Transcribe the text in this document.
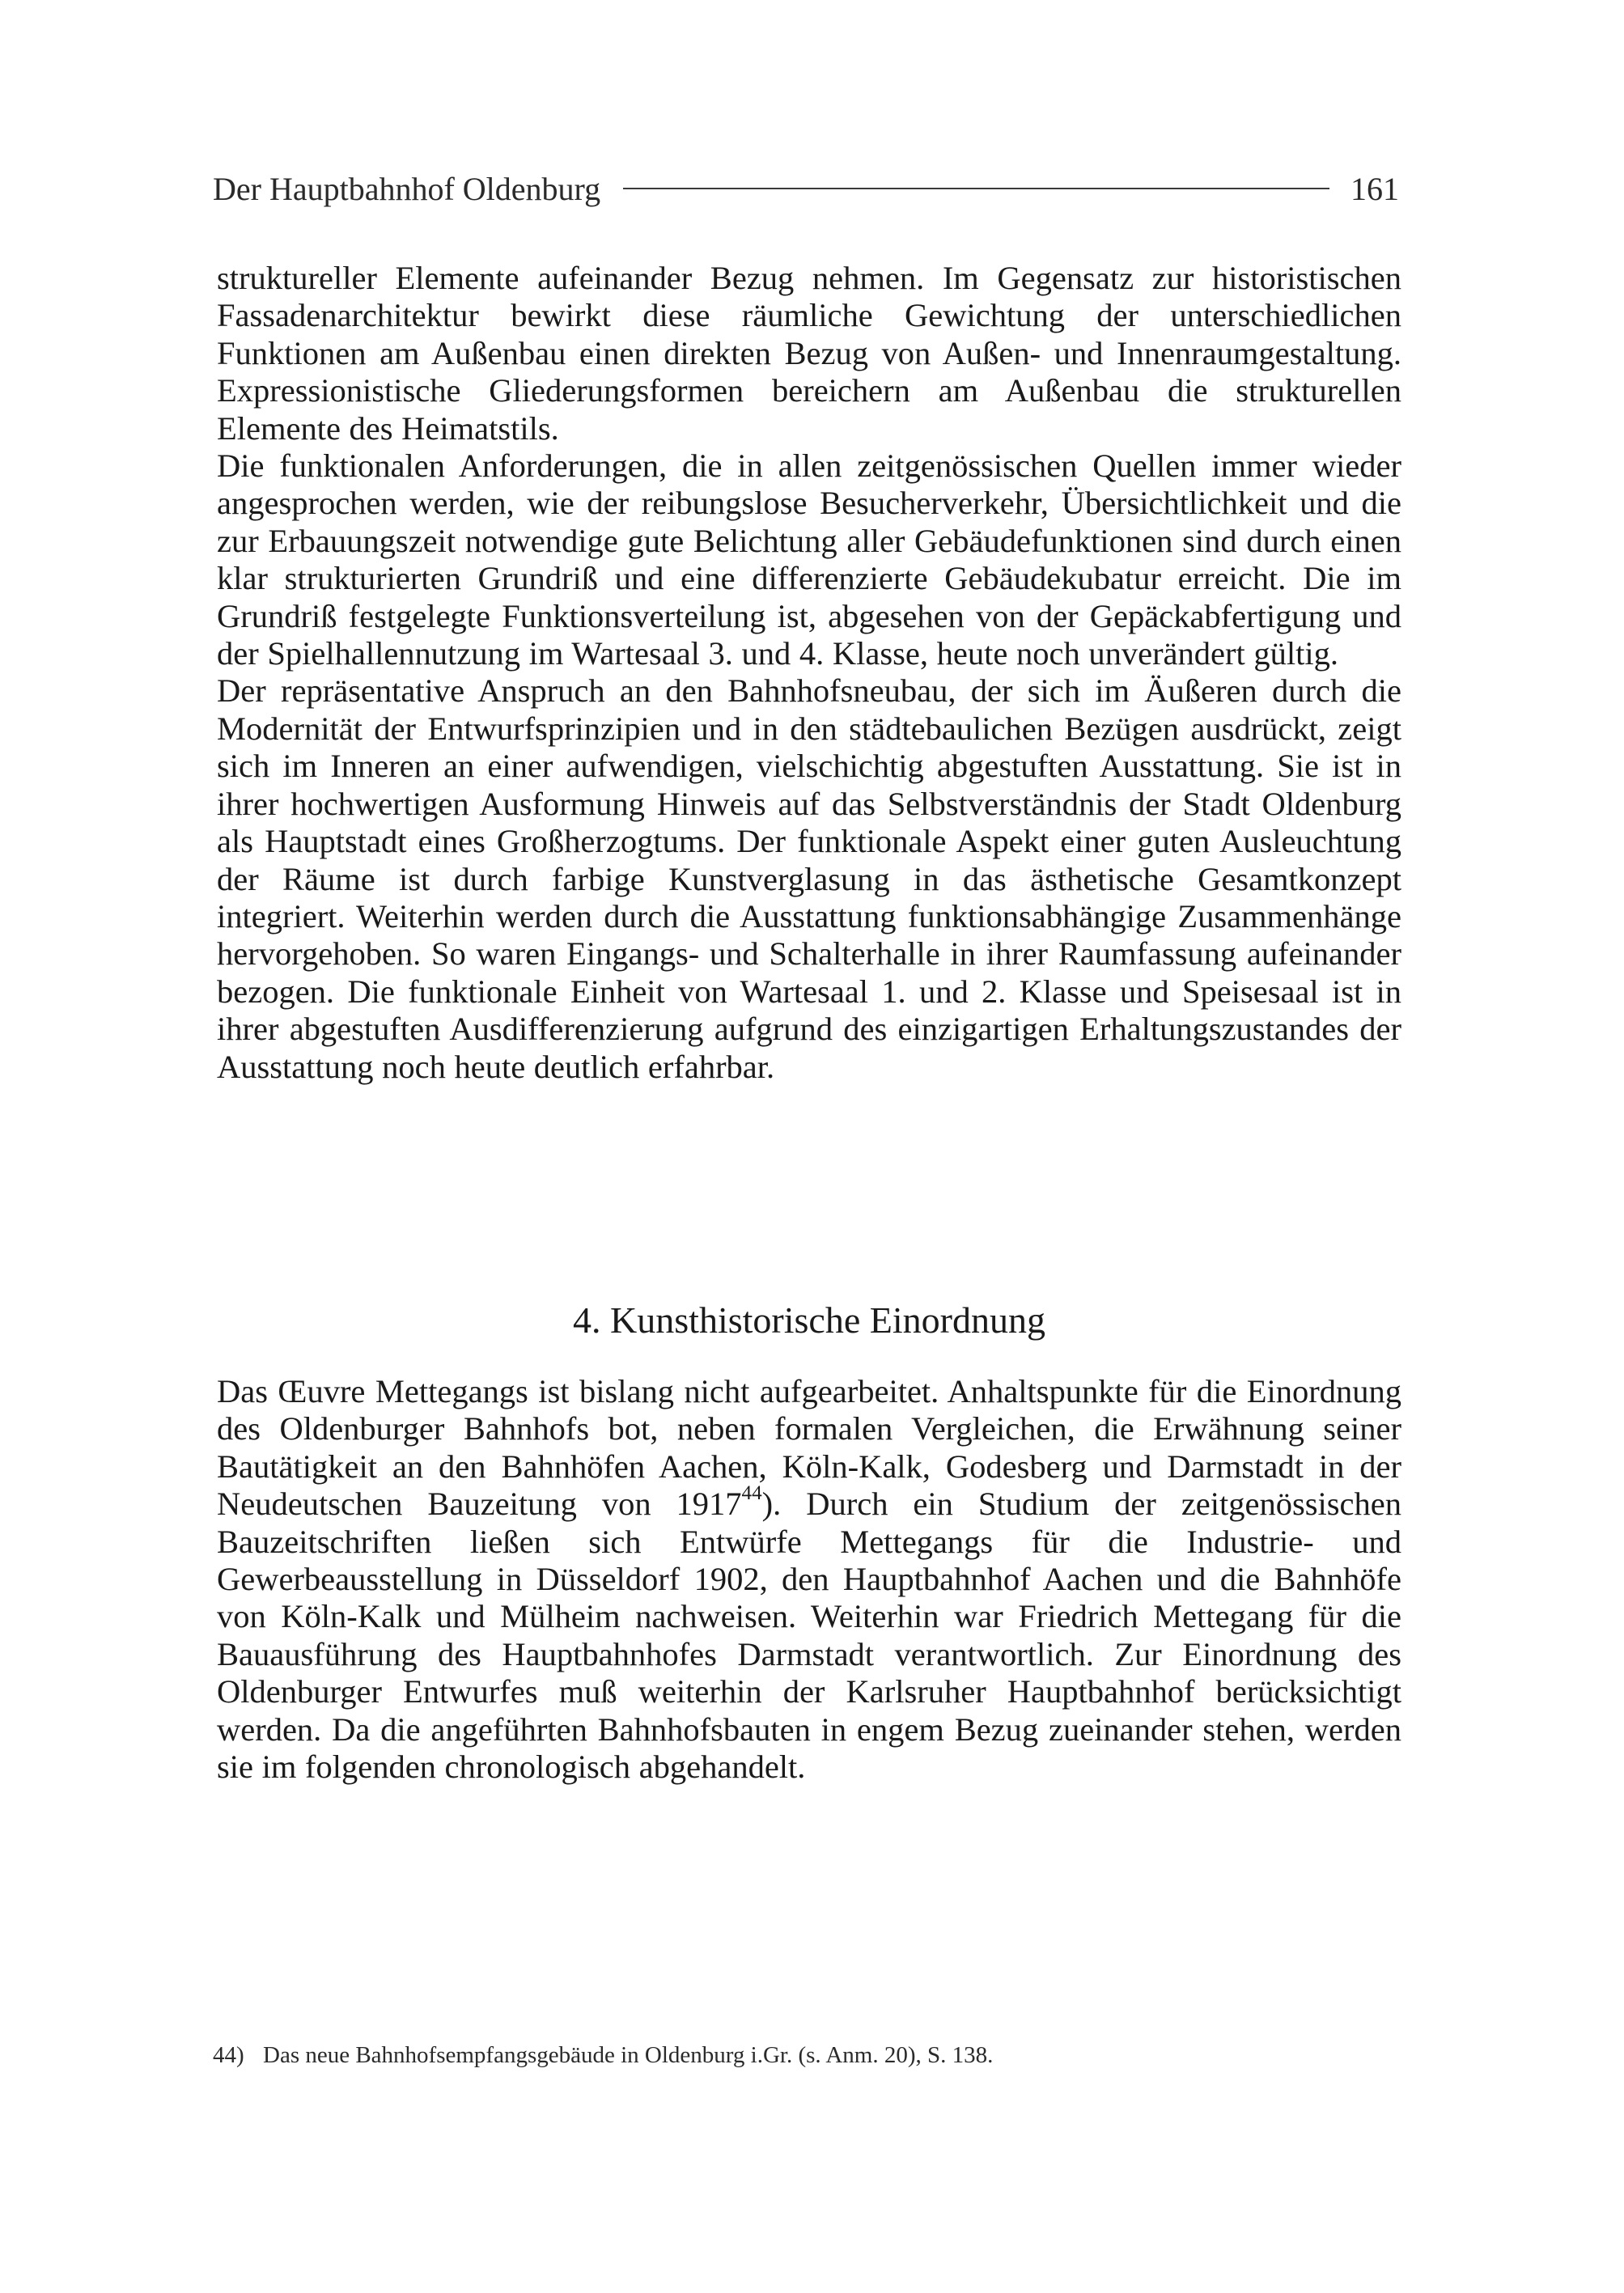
Der Hauptbahnhof Oldenburg	161

struktureller Elemente aufeinander Bezug nehmen. Im Gegensatz zur historistischen Fassadenarchitektur bewirkt diese räumliche Gewichtung der unterschiedlichen Funktionen am Außenbau einen direkten Bezug von Außen- und Innenraumgestaltung. Expressionistische Gliederungsformen bereichern am Außenbau die strukturellen Elemente des Heimatstils.

Die funktionalen Anforderungen, die in allen zeitgenössischen Quellen immer wieder angesprochen werden, wie der reibungslose Besucherverkehr, Übersichtlichkeit und die zur Erbauungszeit notwendige gute Belichtung aller Gebäudefunktionen sind durch einen klar strukturierten Grundriß und eine differenzierte Gebäudekubatur erreicht. Die im Grundriß festgelegte Funktionsverteilung ist, abgesehen von der Gepäckabfertigung und der Spielhallennutzung im Wartesaal 3. und 4. Klasse, heute noch unverändert gültig.

Der repräsentative Anspruch an den Bahnhofsneubau, der sich im Äußeren durch die Modernität der Entwurfsprinzipien und in den städtebaulichen Bezügen ausdrückt, zeigt sich im Inneren an einer aufwendigen, vielschichtig abgestuften Ausstattung. Sie ist in ihrer hochwertigen Ausformung Hinweis auf das Selbstverständnis der Stadt Oldenburg als Hauptstadt eines Großherzogtums. Der funktionale Aspekt einer guten Ausleuchtung der Räume ist durch farbige Kunstverglasung in das ästhetische Gesamtkonzept integriert. Weiterhin werden durch die Ausstattung funktionsabhängige Zusammenhänge hervorgehoben. So waren Eingangs- und Schalterhalle in ihrer Raumfassung aufeinander bezogen. Die funktionale Einheit von Wartesaal 1. und 2. Klasse und Speisesaal ist in ihrer abgestuften Ausdifferenzierung aufgrund des einzigartigen Erhaltungszustandes der Ausstattung noch heute deutlich erfahrbar.

4. Kunsthistorische Einordnung

Das Œuvre Mettegangs ist bislang nicht aufgearbeitet. Anhaltspunkte für die Einordnung des Oldenburger Bahnhofs bot, neben formalen Vergleichen, die Erwähnung seiner Bautätigkeit an den Bahnhöfen Aachen, Köln-Kalk, Godesberg und Darmstadt in der Neudeutschen Bauzeitung von 1917$^{44}$). Durch ein Studium der zeitgenössischen Bauzeitschriften ließen sich Entwürfe Mettegangs für die Industrie- und Gewerbeausstellung in Düsseldorf 1902, den Hauptbahnhof Aachen und die Bahnhöfe von Köln-Kalk und Mülheim nachweisen. Weiterhin war Friedrich Mettegang für die Bauausführung des Hauptbahnhofes Darmstadt verantwortlich. Zur Einordnung des Oldenburger Entwurfes muß weiterhin der Karlsruher Hauptbahnhof berücksichtigt werden. Da die angeführten Bahnhofsbauten in engem Bezug zueinander stehen, werden sie im folgenden chronologisch abgehandelt.

44) Das neue Bahnhofsempfangsgebäude in Oldenburg i.Gr. (s. Anm. 20), S. 138.
